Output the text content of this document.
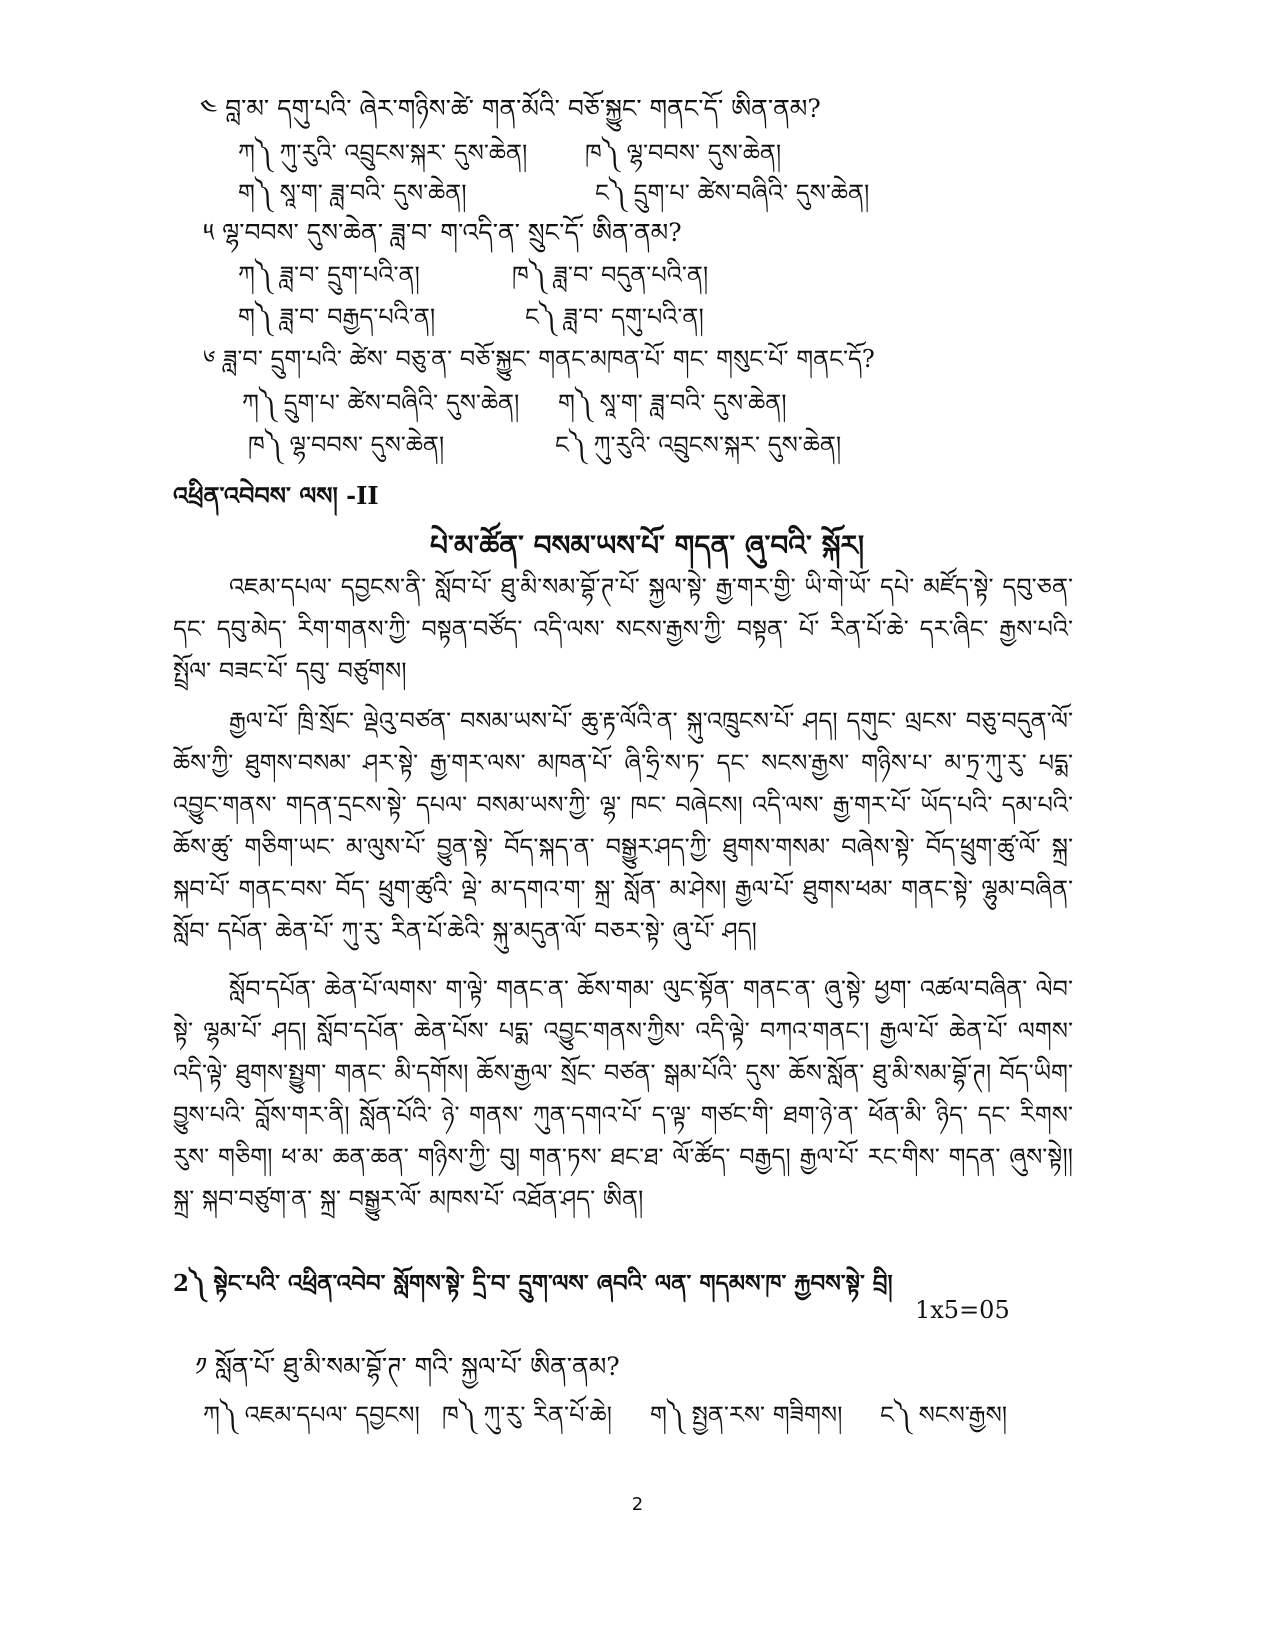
༤ བླ་མ་ དགུ་པའི་ ཞེར་གཉིས་ཚེ་ གན་མོའི་ བཅོ་སྐྱུང་ གནང་དོ་ ཨིན་ནམ?
ཀ༽ ཀུ་རུའི་ འབྲུངས་སྐར་ དུས་ཆེན། ཁ༽ ལྷ་བབས་ དུས་ཆེན།
ག༽ སཱ་ག་ ཟླ་བའི་ དུས་ཆེན།	ང༽ དྲུག་པ་ ཚེས་བཞིའི་ དུས་ཆེན།
༥ ལྷ་བབས་ དུས་ཆེན་ ཟླ་བ་ ག་འདི་ན་ སྲུང་དོ་ ཨིན་ནམ?
ཀ༽ ཟླ་བ་ དྲུག་པའི་ན།	ཁ༽ ཟླ་བ་ བདུན་པའི་ན།
ག༽ ཟླ་བ་ བརྒྱད་པའི་ན།	ང༽ ཟླ་བ་ དགུ་པའི་ན།
༦ ཟླ་བ་ དྲུག་པའི་ ཚེས་ བཅུ་ན་ བཅོ་སྐྱུང་ གནང་མཁན་པོ་ གང་ གསུང་པོ་ གནང་དོ?
ཀ༽ དྲུག་པ་ ཚེས་བཞིའི་ དུས་ཆེན། ག༽ སཱ་ག་ ཟླ་བའི་ དུས་ཆེན།
ཁ༽ ལྷ་བབས་ དུས་ཆེན།	ང༽ ཀུ་རུའི་ འབྲུངས་སྐར་ དུས་ཆེན།
འཕྲིན་འབེབས་ ལས། -II
པེ་མ་ཚོན་ བསམ་ཡས་པོ་ གདན་ ཞུ་བའི་ སྐོར།
འཇམ་དཔལ་ དབྱངས་ནི་ སློབ་པོ་ ཐུ་མི་སམ་བྷོ་ཊ་པོ་ སྐྱལ་སྟེ་ རྒྱ་གར་གྱི་ ཡི་གེ་ཡོ་ དཔེ་ མཛོད་སྟེ་ དབུ་ཅན་ དང་ དབུ་མེད་ རིག་གནས་ཀྱི་ བསྟན་བཙོད་ འདི་ལས་ སངས་རྒྱས་ཀྱི་ བསྟན་ པོ་ རིན་པོ་ཆེ་ དར་ཞིང་ རྒྱས་པའི་ སྤྲོལ་ བཟང་པོ་ དབུ་ བཙུགས།
རྒྱལ་པོ་ ཁྲི་སྲོང་ ལྡེའུ་བཙན་ བསམ་ཡས་པོ་ ཆུ་རྟ་ལོའི་ན་ སྐུ་འཁྲུངས་པོ་ ཤད། དགུང་ ལྲངས་ བཅུ་བདུན་ལོ་ ཆོས་ཀྱི་ ཐུགས་བསམ་ ཤར་སྟེ་ རྒྱ་གར་ལས་ མཁན་པོ་ ཞི་ཧྲི་ས་ཏ་ དང་ སངས་རྒྱས་ གཉིས་པ་ མ་ཏྲ་ཀུ་རུ་ པདྨ་ འབྱུང་གནས་ གདན་དྲངས་སྟེ་ དཔལ་ བསམ་ཡས་ཀྱི་ ལྷ་ ཁང་ བཞེངས། འདི་ལས་ རྒྱ་གར་པོ་ ཡོད་པའི་ དམ་པའི་ ཆོས་ཚུ་ གཅིག་ཡང་ མ་ལུས་པོ་ བྱུན་སྟེ་ བོད་སྐད་ན་ བསྒྱུར་ཤད་ཀྱི་ ཐུགས་གསམ་ བཞེས་སྟེ་ བོད་ཕྲུག་ཚུ་ལོ་ སྐྲ་ སྐབ་པོ་ གནང་བས་ བོད་ ཕྲུག་ཚུའི་ ལྡེ་ མ་དགའ་ག་ སྐྲ་ སློན་ མ་ཤེས། རྒྱལ་པོ་ ཐུགས་ཕམ་ གནང་སྟེ་ ལྷུམ་བཞིན་ སློབ་ དཔོན་ ཆེན་པོ་ ཀུ་རུ་ རིན་པོ་ཆེའི་ སྐུ་མདུན་ལོ་ བཅར་སྟེ་ ཞུ་པོ་ ཤད།
སློབ་དཔོན་ ཆེན་པོ་ལགས་ ག་ལྟེ་ གནང་ན་ ཆོས་གམ་ ལུང་སྟོན་ གནང་ན་ ཞུ་སྟེ་ ཕྱག་ འཚལ་བཞིན་ ལེབ་སྟེ་ ལྷམ་པོ་ ཤད། སློབ་དཔོན་ ཆེན་པོས་ པདྨ་ འབྱུང་གནས་ཀྱིས་ འདི་ལྟེ་ བཀའ་གནང་། རྒྱལ་པོ་ ཆེན་པོ་ ལགས་ འདི་ལྟེ་ ཐུགས་སྤྱུག་ གནང་ མི་དགོས། ཆོས་རྒྱལ་ སྲོང་ བཙན་ སྒམ་པོའི་ དུས་ ཆོས་སློན་ ཐུ་མི་སམ་བྷོ་ཊ། བོད་ཡིག་ བྱུས་པའི་ བློས་གར་ནི། སློན་པོའི་ ཉེ་ གནས་ ཀུན་དགའ་པོ་ ད་ལྟ་ གཙང་གི་ ཐག་ཉེ་ན་ ཕོན་མི་ ཉིད་ དང་ རིགས་རུས་ གཅིག། ཕ་མ་ ཆན་ཆན་ གཉིས་ཀྱི་ བུ། གན་ཏས་ ཐང་ཐ་ ལོ་ཚོད་ བརྒྱད། རྒྱལ་པོ་ རང་གིས་ གདན་ ཞུས་སྟེ།། སྐྲ་ སྐབ་བཙུག་ན་ སྐྲ་ བསྒྱུར་ལོ་ མཁས་པོ་ འཐོན་ཤད་ ཨིན།
2༽ སྟེང་པའི་ འཕྲིན་འབེབ་ སློགས་སྟེ་ དྲི་བ་ དྲུག་ལས་ ཞབའི་ ལན་ གདམས་ཁ་ རྐྱབས་སྟེ་ བྲི།
1x5=05
༡ སློན་པོ་ ཐུ་མི་སམ་བྷོ་ཊ་ གའི་ སྐྱལ་པོ་ ཨིན་ནམ?
ཀ༽ འཇམ་དཔལ་ དབྱངས། ཁ༽ ཀུ་རུ་ རིན་པོ་ཆེ། ག༽ སྤྱན་རས་ གཟིགས། ང༽ སངས་རྒྱས།
2
